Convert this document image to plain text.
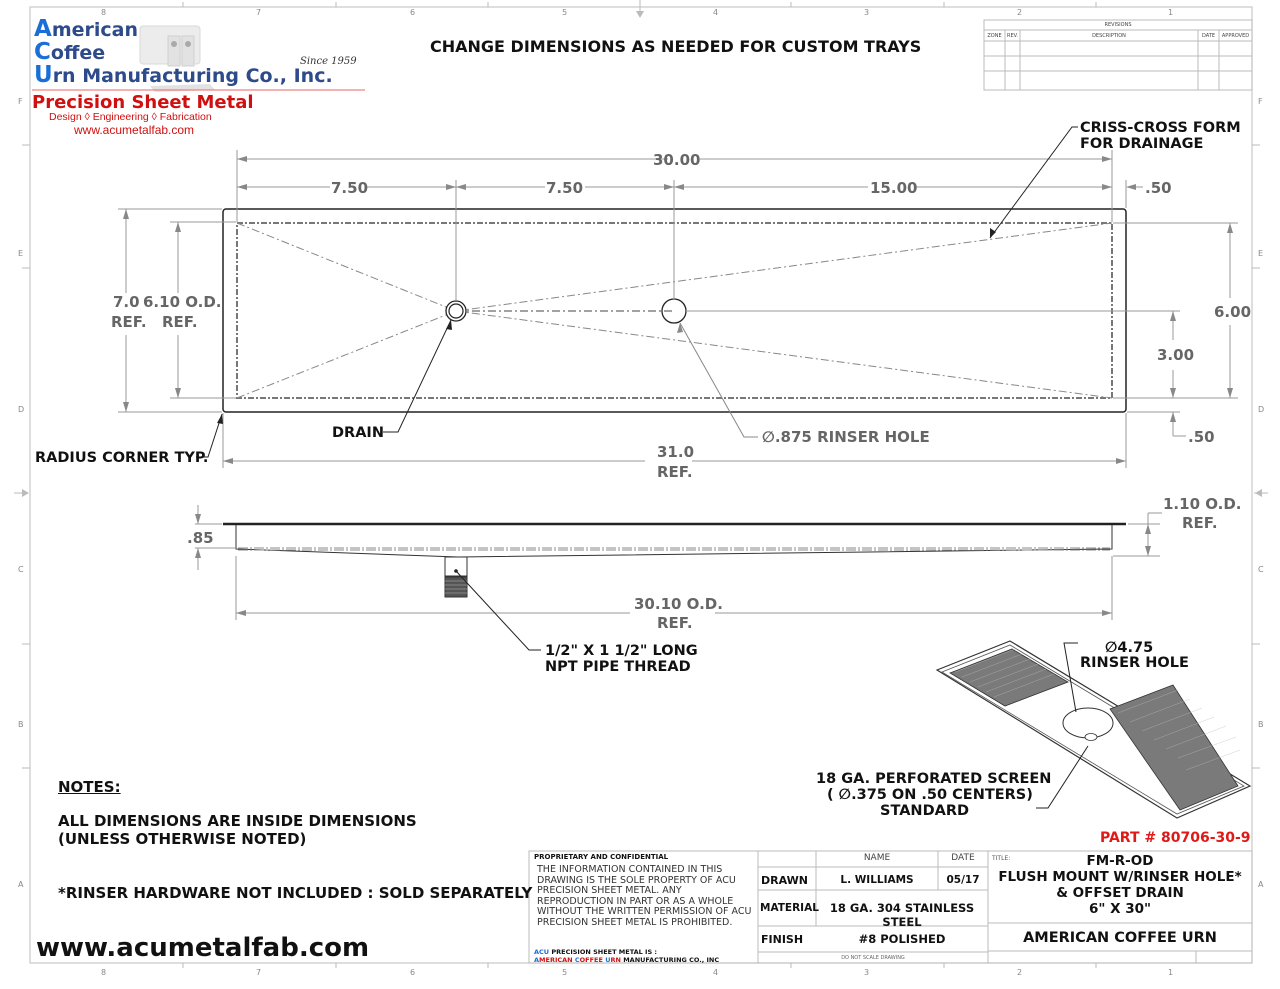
8	7	6	5	4	3	2	1
8	7	6	5	4	3	2	1
F
E
D
C
B
A
F
E
D
C
B
A
American
Coffee
Urn Manufacturing Co., Inc.
Since 1959
Precision Sheet Metal
Design ◊ Engineering ◊ Fabrication
www.acumetalfab.com
CHANGE DIMENSIONS AS NEEDED FOR CUSTOM TRAYS
REVISIONS
ZONE	REV.	DESCRIPTION	DATE	APPROVED
30.00
7.50	7.50	15.00	.50
7.0
REF.
6.10 O.D.
REF.
6.00
3.00
.50
31.0
REF.
CRISS-CROSS FORM
FOR DRAINAGE
DRAIN	∅.875 RINSER HOLE
RADIUS CORNER TYP.
.85
1.10 O.D.
REF.
30.10 O.D.
REF.
1/2" X 1 1/2" LONG
NPT PIPE THREAD
∅4.75
RINSER HOLE
18 GA. PERFORATED SCREEN
( ∅.375 ON .50 CENTERS)
STANDARD
NOTES:
ALL DIMENSIONS ARE INSIDE DIMENSIONS
(UNLESS OTHERWISE NOTED)
*RINSER HARDWARE NOT INCLUDED : SOLD SEPARATELY
www.acumetalfab.com
PART # 80706-30-9
PROPRIETARY AND CONFIDENTIAL
THE INFORMATION CONTAINED IN THIS DRAWING IS THE SOLE PROPERTY OF ACU PRECISION SHEET METAL. ANY REPRODUCTION IN PART OR AS A WHOLE WITHOUT THE WRITTEN PERMISSION OF ACU PRECISION SHEET METAL IS PROHIBITED.
ACU PRECISION SHEET METAL IS :
AMERICAN COFFEE URN MANUFACTURING CO., INC
NAME	DATE
DRAWN	L. WILLIAMS	05/17
MATERIAL 18 GA. 304 STAINLESS STEEL
FINISH	#8 POLISHED
DO NOT SCALE DRAWING
TITLE:	FM-R-OD
FLUSH MOUNT W/RINSER HOLE*
& OFFSET DRAIN
6" X 30"
AMERICAN COFFEE URN
